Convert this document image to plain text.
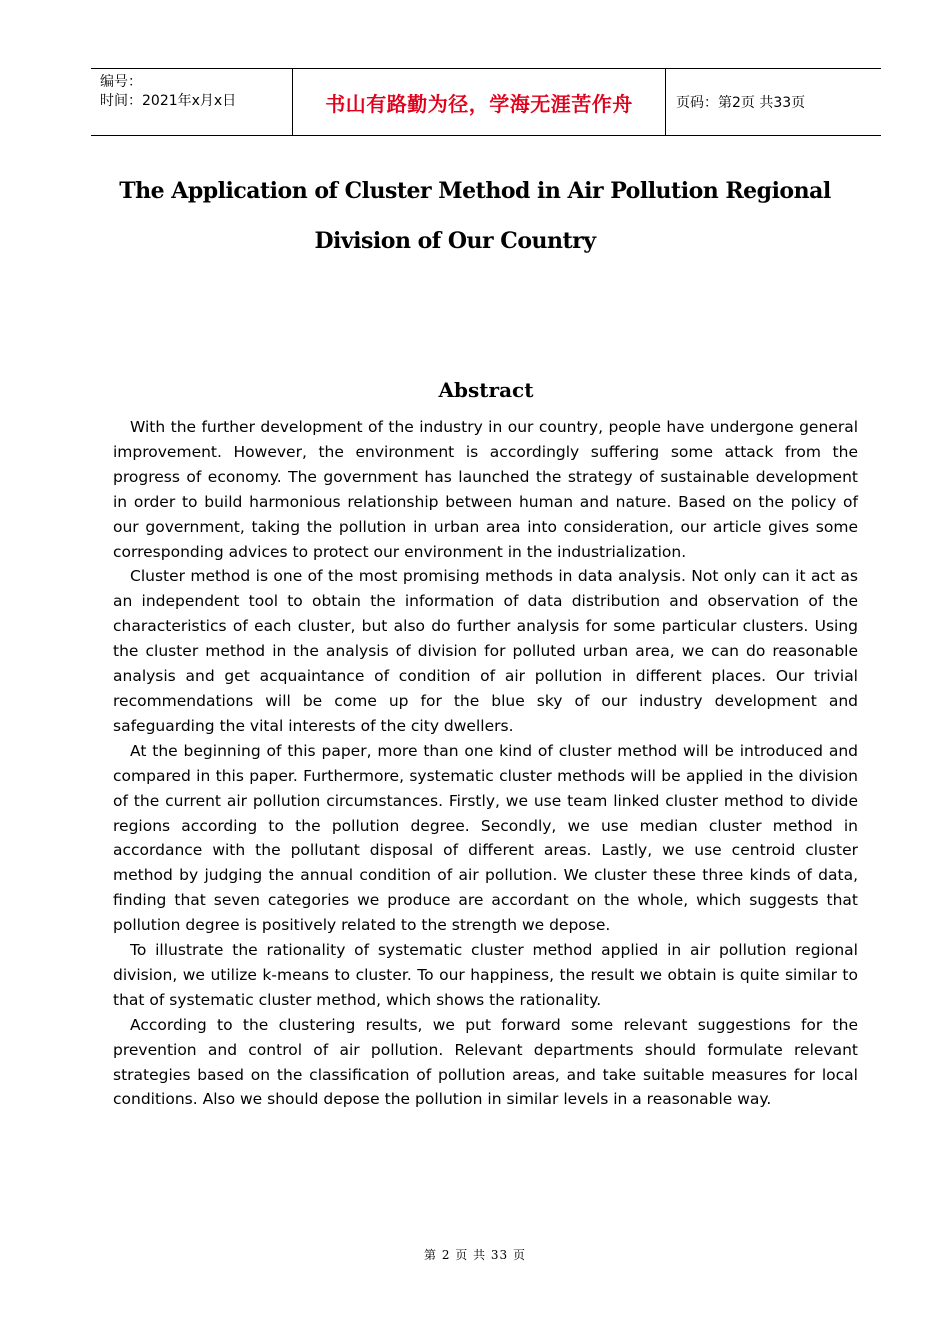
编号：
时间：2021年x月x日	书山有路勤为径，学海无涯苦作舟	页码：第2页 共33页
The Application of Cluster Method in Air Pollution Regional
Division of Our Country
Abstract

With the further development of the industry in our country, people have undergone general improvement. However, the environment is accordingly suffering some attack from the progress of economy. The government has launched the strategy of sustainable development in order to build harmonious relationship between human and nature. Based on the policy of our government, taking the pollution in urban area into consideration, our article gives some corresponding advices to protect our environment in the industrialization.

Cluster method is one of the most promising methods in data analysis. Not only can it act as an independent tool to obtain the information of data distribution and observation of the characteristics of each cluster, but also do further analysis for some particular clusters. Using the cluster method in the analysis of division for polluted urban area, we can do reasonable analysis and get acquaintance of condition of air pollution in different places. Our trivial recommendations will be come up for the blue sky of our industry development and safeguarding the vital interests of the city dwellers.

At the beginning of this paper, more than one kind of cluster method will be introduced and compared in this paper. Furthermore, systematic cluster methods will be applied in the division of the current air pollution circumstances. Firstly, we use team linked cluster method to divide regions according to the pollution degree. Secondly, we use median cluster method in accordance with the pollutant disposal of different areas. Lastly, we use centroid cluster method by judging the annual condition of air pollution. We cluster these three kinds of data, finding that seven categories we produce are accordant on the whole, which suggests that pollution degree is positively related to the strength we depose.

To illustrate the rationality of systematic cluster method applied in air pollution regional division, we utilize k-means to cluster. To our happiness, the result we obtain is quite similar to that of systematic cluster method, which shows the rationality.

According to the clustering results, we put forward some relevant suggestions for the prevention and control of air pollution. Relevant departments should formulate relevant strategies based on the classification of pollution areas, and take suitable measures for local conditions. Also we should depose the pollution in similar levels in a reasonable way.

第 2 页 共 33 页
